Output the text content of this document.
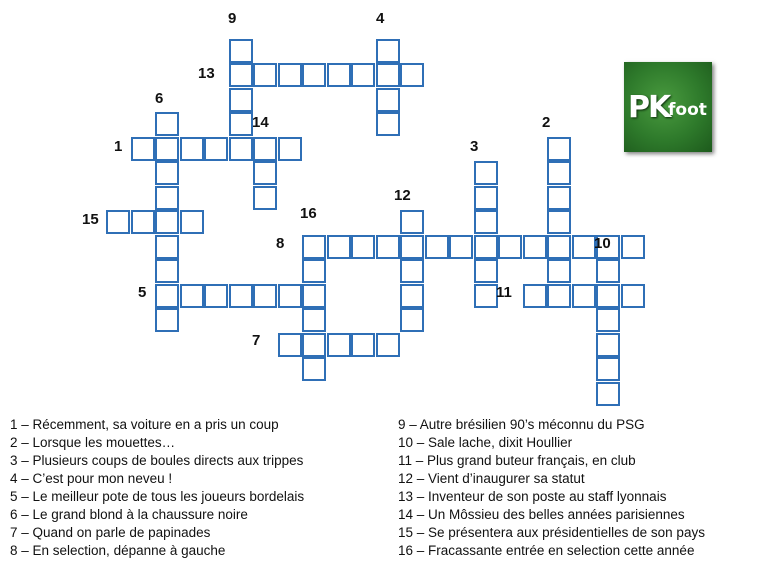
9	4
13
6
14
1	3
2
12
16
15
8	10
5	11
7
PK
foot
1 – Récemment, sa voiture en a pris un coup
2 – Lorsque les mouettes…
3 – Plusieurs coups de boules directs aux trippes
4 – C’est pour mon neveu !
5 – Le meilleur pote de tous les joueurs bordelais
6 – Le grand blond à la chaussure noire
7 – Quand on parle de papinades
8 – En selection, dépanne à gauche
9 – Autre brésilien 90’s méconnu du PSG
10 – Sale lache, dixit Houllier
11 – Plus grand buteur français, en club
12 – Vient d’inaugurer sa statut
13 – Inventeur de son poste au staff lyonnais
14 – Un Môssieu des belles années parisiennes
15 – Se présentera aux présidentielles de son pays
16 – Fracassante entrée en selection cette année
